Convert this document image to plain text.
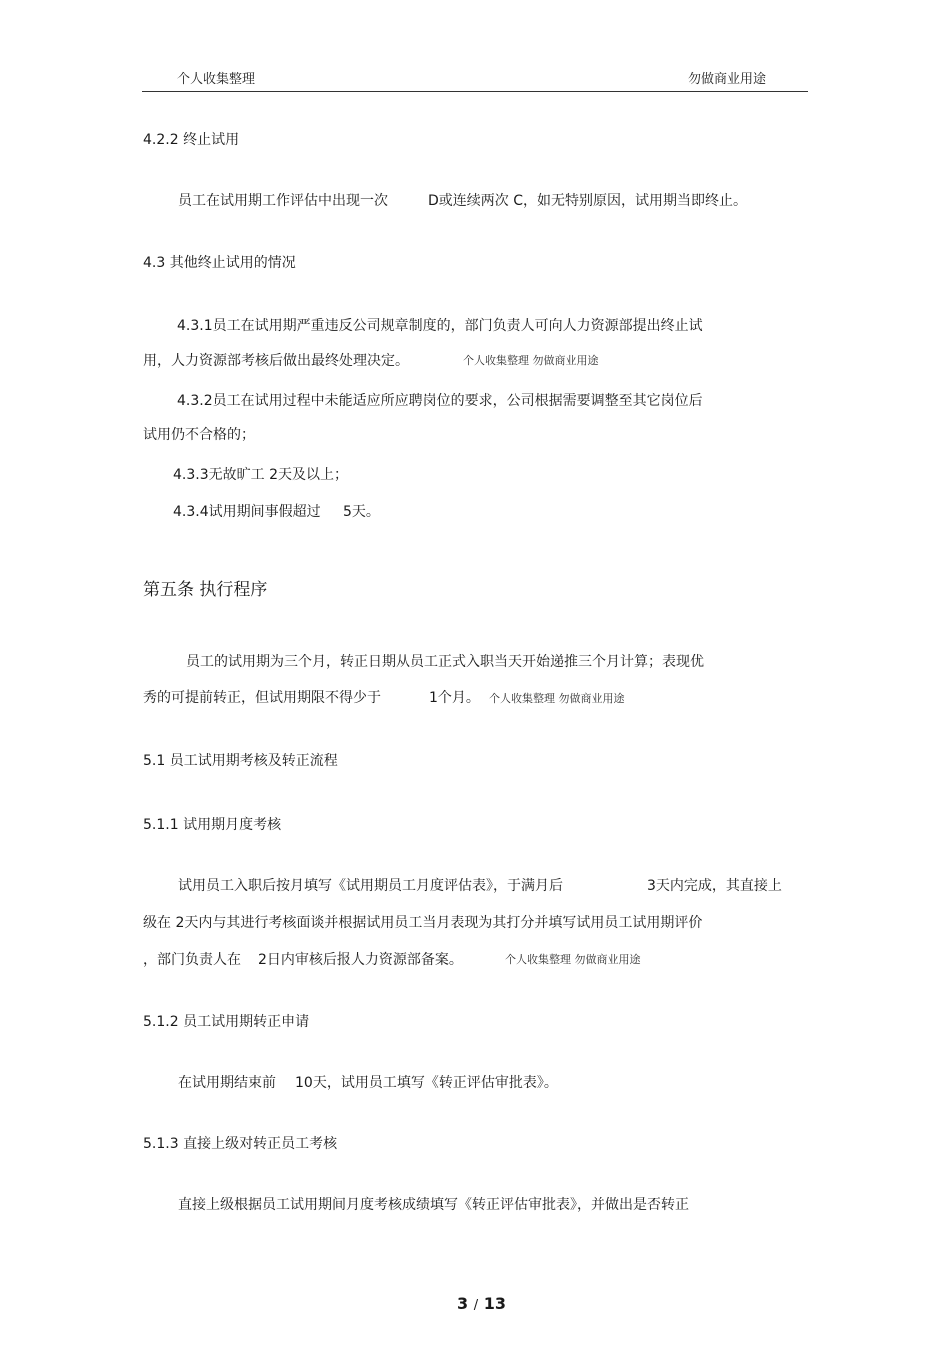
个人收集整理	勿做商业用途
4.2.2 终止试用
员工在试用期工作评估中出现一次	D或连续两次 C，如无特别原因，试用期当即终止。
4.3 其他终止试用的情况
4.3.1员工在试用期严重违反公司规章制度的，部门负责人可向人力资源部提出终止试
用，人力资源部考核后做出最终处理决定。	个人收集整理 勿做商业用途
4.3.2员工在试用过程中未能适应所应聘岗位的要求，公司根据需要调整至其它岗位后
试用仍不合格的；
4.3.3无故旷工 2天及以上；
4.3.4试用期间事假超过 5天。
第五条 执行程序
员工的试用期为三个月，转正日期从员工正式入职当天开始递推三个月计算；表现优
秀的可提前转正，但试用期限不得少于	1个月。 个人收集整理 勿做商业用途
5.1 员工试用期考核及转正流程
5.1.1 试用期月度考核
试用员工入职后按月填写《试用期员工月度评估表》，于满月后	3天内完成，其直接上
级在 2天内与其进行考核面谈并根据试用员工当月表现为其打分并填写试用员工试用期评价
，部门负责人在 2日内审核后报人力资源部备案。	个人收集整理 勿做商业用途
5.1.2 员工试用期转正申请
在试用期结束前 10天，试用员工填写《转正评估审批表》。
5.1.3 直接上级对转正员工考核
直接上级根据员工试用期间月度考核成绩填写《转正评估审批表》，并做出是否转正
3 / 13
